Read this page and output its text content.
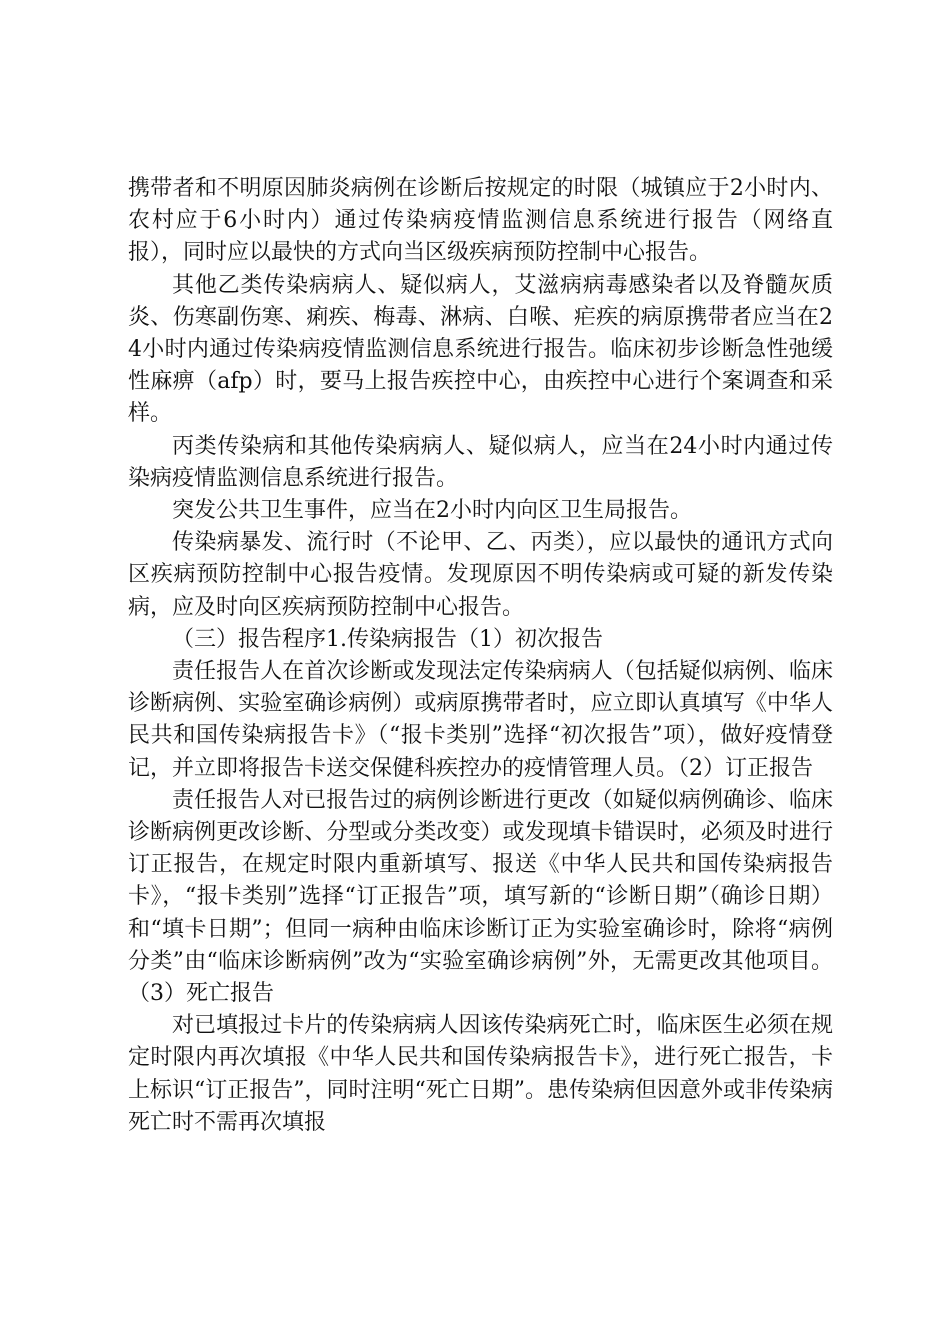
携带者和不明原因肺炎病例在诊断后按规定的时限（城镇应于2小时内、农村应于6小时内）通过传染病疫情监测信息系统进行报告（网络直报），同时应以最快的方式向当区级疾病预防控制中心报告。

其他乙类传染病病人、疑似病人，艾滋病病毒感染者以及脊髓灰质炎、伤寒副伤寒、痢疾、梅毒、淋病、白喉、疟疾的病原携带者应当在24小时内通过传染病疫情监测信息系统进行报告。临床初步诊断急性弛缓性麻痹（afp）时，要马上报告疾控中心，由疾控中心进行个案调查和采样。

丙类传染病和其他传染病病人、疑似病人，应当在24小时内通过传染病疫情监测信息系统进行报告。

突发公共卫生事件，应当在2小时内向区卫生局报告。

传染病暴发、流行时（不论甲、乙、丙类），应以最快的通讯方式向区疾病预防控制中心报告疫情。发现原因不明传染病或可疑的新发传染病，应及时向区疾病预防控制中心报告。

（三）报告程序1.传染病报告（1）初次报告

责任报告人在首次诊断或发现法定传染病病人（包括疑似病例、临床诊断病例、实验室确诊病例）或病原携带者时，应立即认真填写《中华人民共和国传染病报告卡》（“报卡类别”选择“初次报告”项），做好疫情登记，并立即将报告卡送交保健科疾控办的疫情管理人员。（2）订正报告

责任报告人对已报告过的病例诊断进行更改（如疑似病例确诊、临床诊断病例更改诊断、分型或分类改变）或发现填卡错误时，必须及时进行订正报告，在规定时限内重新填写、报送《中华人民共和国传染病报告卡》，“报卡类别”选择“订正报告”项，填写新的“诊断日期”（确诊日期）和“填卡日期”；但同一病种由临床诊断订正为实验室确诊时，除将“病例分类”由“临床诊断病例”改为“实验室确诊病例”外，无需更改其他项目。（3）死亡报告

对已填报过卡片的传染病病人因该传染病死亡时，临床医生必须在规定时限内再次填报《中华人民共和国传染病报告卡》，进行死亡报告，卡上标识“订正报告”，同时注明“死亡日期”。患传染病但因意外或非传染病死亡时不需再次填报
